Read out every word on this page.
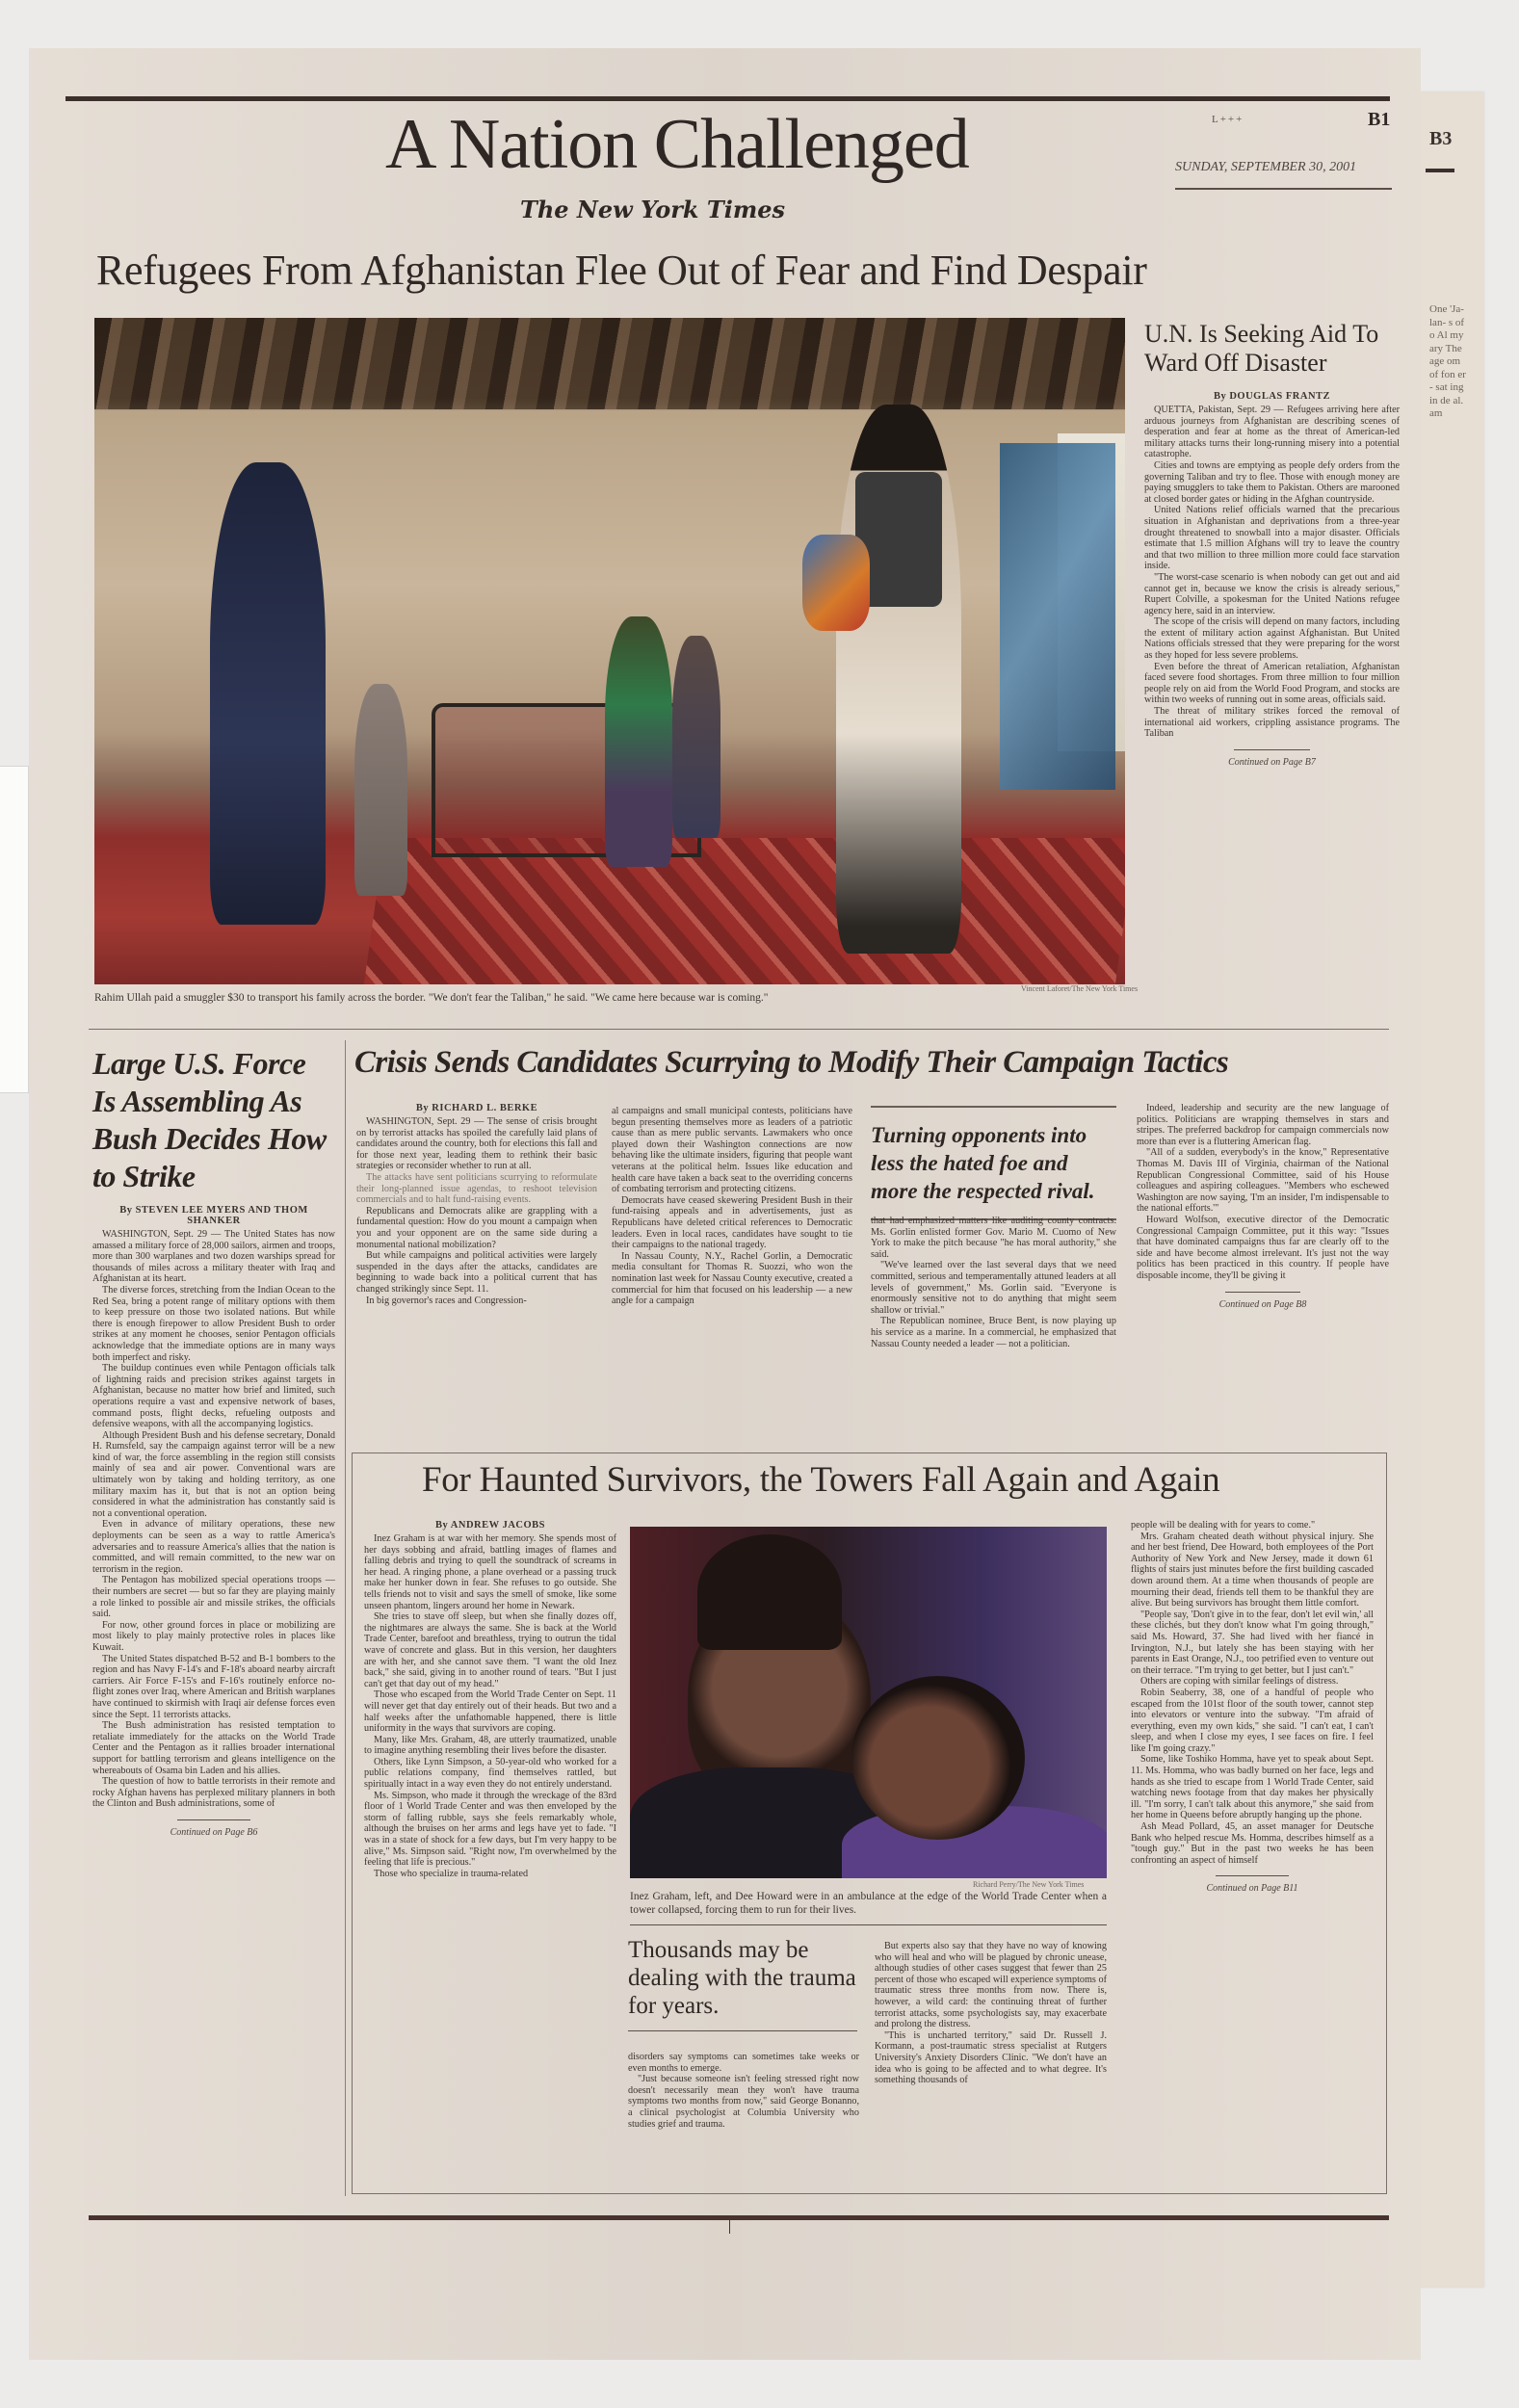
B3
One 'Ja- lan- s of o Al my ary The age om of fon er- sat ing in de al. am
A Nation Challenged
The New York Times
L+++	B1
SUNDAY, SEPTEMBER 30, 2001
Refugees From Afghanistan Flee Out of Fear and Find Despair
Vincent Laforet/The New York Times
Rahim Ullah paid a smuggler $30 to transport his family across the border. "We don't fear the Taliban," he said. "We came here because war is coming."
U.N. Is Seeking Aid To Ward Off Disaster
By DOUGLAS FRANTZ

QUETTA, Pakistan, Sept. 29 — Refugees arriving here after arduous journeys from Afghanistan are describing scenes of desperation and fear at home as the threat of American-led military attacks turns their long-running misery into a potential catastrophe.

Cities and towns are emptying as people defy orders from the governing Taliban and try to flee. Those with enough money are paying smugglers to take them to Pakistan. Others are marooned at closed border gates or hiding in the Afghan countryside.

United Nations relief officials warned that the precarious situation in Afghanistan and deprivations from a three-year drought threatened to snowball into a major disaster. Officials estimate that 1.5 million Afghans will try to leave the country and that two million to three million more could face starvation inside.

"The worst-case scenario is when nobody can get out and aid cannot get in, because we know the crisis is already serious," Rupert Colville, a spokesman for the United Nations refugee agency here, said in an interview.

The scope of the crisis will depend on many factors, including the extent of military action against Afghanistan. But United Nations officials stressed that they were preparing for the worst as they hoped for less severe problems.

Even before the threat of American retaliation, Afghanistan faced severe food shortages. From three million to four million people rely on aid from the World Food Program, and stocks are within two weeks of running out in some areas, officials said.

The threat of military strikes forced the removal of international aid workers, crippling assistance programs. The Taliban

Continued on Page B7
Large U.S. Force Is Assembling As Bush Decides How to Strike
By STEVEN LEE MYERS AND THOM SHANKER

WASHINGTON, Sept. 29 — The United States has now amassed a military force of 28,000 sailors, airmen and troops, more than 300 warplanes and two dozen warships spread for thousands of miles across a military theater with Iraq and Afghanistan at its heart.

The diverse forces, stretching from the Indian Ocean to the Red Sea, bring a potent range of military options with them to keep pressure on those two isolated nations. But while there is enough firepower to allow President Bush to order strikes at any moment he chooses, senior Pentagon officials acknowledge that the immediate options are in many ways both imperfect and risky.

The buildup continues even while Pentagon officials talk of lightning raids and precision strikes against targets in Afghanistan, because no matter how brief and limited, such operations require a vast and expensive network of bases, command posts, flight decks, refueling outposts and defensive weapons, with all the accompanying logistics.

Although President Bush and his defense secretary, Donald H. Rumsfeld, say the campaign against terror will be a new kind of war, the force assembling in the region still consists mainly of sea and air power. Conventional wars are ultimately won by taking and holding territory, as one military maxim has it, but that is not an option being considered in what the administration has constantly said is not a conventional operation.

Even in advance of military operations, these new deployments can be seen as a way to rattle America's adversaries and to reassure America's allies that the nation is committed, and will remain committed, to the new war on terrorism in the region.

The Pentagon has mobilized special operations troops — their numbers are secret — but so far they are playing mainly a role linked to possible air and missile strikes, the officials said.

For now, other ground forces in place or mobilizing are most likely to play mainly protective roles in places like Kuwait.

The United States dispatched B-52 and B-1 bombers to the region and has Navy F-14's and F-18's aboard nearby aircraft carriers. Air Force F-15's and F-16's routinely enforce no-flight zones over Iraq, where American and British warplanes have continued to skirmish with Iraqi air defense forces even since the Sept. 11 terrorists attacks.

The Bush administration has resisted temptation to retaliate immediately for the attacks on the World Trade Center and the Pentagon as it rallies broader international support for battling terrorism and gleans intelligence on the whereabouts of Osama bin Laden and his allies.

The question of how to battle terrorists in their remote and rocky Afghan havens has perplexed military planners in both the Clinton and Bush administrations, some of

Continued on Page B6
Crisis Sends Candidates Scurrying to Modify Their Campaign Tactics
By RICHARD L. BERKE

WASHINGTON, Sept. 29 — The sense of crisis brought on by terrorist attacks has spoiled the carefully laid plans of candidates around the country, both for elections this fall and for those next year, leading them to rethink their basic strategies or reconsider whether to run at all.

The attacks have sent politicians scurrying to reformulate their long-planned issue agendas, to reshoot television commercials and to halt fund-raising events.

Republicans and Democrats alike are grappling with a fundamental question: How do you mount a campaign when you and your opponent are on the same side during a monumental national mobilization?

But while campaigns and political activities were largely suspended in the days after the attacks, candidates are beginning to wade back into a political current that has changed strikingly since Sept. 11.

In big governor's races and Congression-

al campaigns and small municipal contests, politicians have begun presenting themselves more as leaders of a patriotic cause than as mere public servants. Lawmakers who once played down their Washington connections are now behaving like the ultimate insiders, figuring that people want veterans at the political helm. Issues like education and health care have taken a back seat to the overriding concerns of combating terrorism and protecting citizens.

Democrats have ceased skewering President Bush in their fund-raising appeals and in advertisements, just as Republicans have deleted critical references to Democratic leaders. Even in local races, candidates have sought to tie their campaigns to the national tragedy.

In Nassau County, N.Y., Rachel Gorlin, a Democratic media consultant for Thomas R. Suozzi, who won the nomination last week for Nassau County executive, created a commercial for him that focused on his leadership — a new angle for a campaign

Turning opponents into less the hated foe and more the respected rival.

that had emphasized matters like auditing county contracts. Ms. Gorlin enlisted former Gov. Mario M. Cuomo of New York to make the pitch because "he has moral authority," she said.

"We've learned over the last several days that we need committed, serious and temperamentally attuned leaders at all levels of government," Ms. Gorlin said. "Everyone is enormously sensitive not to do anything that might seem shallow or trivial."

The Republican nominee, Bruce Bent, is now playing up his service as a marine. In a commercial, he emphasized that Nassau County needed a leader — not a politician.

Indeed, leadership and security are the new language of politics. Politicians are wrapping themselves in stars and stripes. The preferred backdrop for campaign commercials now more than ever is a fluttering American flag.

"All of a sudden, everybody's in the know," Representative Thomas M. Davis III of Virginia, chairman of the National Republican Congressional Committee, said of his House colleagues and aspiring colleagues. "Members who eschewed Washington are now saying, 'I'm an insider, I'm indispensable to the national efforts.'"

Howard Wolfson, executive director of the Democratic Congressional Campaign Committee, put it this way: "Issues that have dominated campaigns thus far are clearly off to the side and have become almost irrelevant. It's just not the way politics has been practiced in this country. If people have disposable income, they'll be giving it

Continued on Page B8
For Haunted Survivors, the Towers Fall Again and Again
By ANDREW JACOBS

Inez Graham is at war with her memory. She spends most of her days sobbing and afraid, battling images of flames and falling debris and trying to quell the soundtrack of screams in her head. A ringing phone, a plane overhead or a passing truck make her hunker down in fear. She refuses to go outside. She tells friends not to visit and says the smell of smoke, like some unseen phantom, lingers around her home in Newark.

She tries to stave off sleep, but when she finally dozes off, the nightmares are always the same. She is back at the World Trade Center, barefoot and breathless, trying to outrun the tidal wave of concrete and glass. But in this version, her daughters are with her, and she cannot save them. "I want the old Inez back," she said, giving in to another round of tears. "But I just can't get that day out of my head."

Those who escaped from the World Trade Center on Sept. 11 will never get that day entirely out of their heads. But two and a half weeks after the unfathomable happened, there is little uniformity in the ways that survivors are coping.

Many, like Mrs. Graham, 48, are utterly traumatized, unable to imagine anything resembling their lives before the disaster.

Others, like Lynn Simpson, a 50-year-old who worked for a public relations company, find themselves rattled, but spiritually intact in a way even they do not entirely understand.

Ms. Simpson, who made it through the wreckage of the 83rd floor of 1 World Trade Center and was then enveloped by the storm of falling rubble, says she feels remarkably whole, although the bruises on her arms and legs have yet to fade. "I was in a state of shock for a few days, but I'm very happy to be alive," Ms. Simpson said. "Right now, I'm overwhelmed by the feeling that life is precious."

Those who specialize in trauma-related

Richard Perry/The New York Times
Inez Graham, left, and Dee Howard were in an ambulance at the edge of the World Trade Center when a tower collapsed, forcing them to run for their lives.
Thousands may be dealing with the trauma for years.

disorders say symptoms can sometimes take weeks or even months to emerge.

"Just because someone isn't feeling stressed right now doesn't necessarily mean they won't have trauma symptoms two months from now," said George Bonanno, a clinical psychologist at Columbia University who studies grief and trauma.

But experts also say that they have no way of knowing who will heal and who will be plagued by chronic unease, although studies of other cases suggest that fewer than 25 percent of those who escaped will experience symptoms of traumatic stress three months from now. There is, however, a wild card: the continuing threat of further terrorist attacks, some psychologists say, may exacerbate and prolong the distress.

"This is uncharted territory," said Dr. Russell J. Kormann, a post-traumatic stress specialist at Rutgers University's Anxiety Disorders Clinic. "We don't have an idea who is going to be affected and to what degree. It's something thousands of

people will be dealing with for years to come."

Mrs. Graham cheated death without physical injury. She and her best friend, Dee Howard, both employees of the Port Authority of New York and New Jersey, made it down 61 flights of stairs just minutes before the first building cascaded down around them. At a time when thousands of people are mourning their dead, friends tell them to be thankful they are alive. But being survivors has brought them little comfort.

"People say, 'Don't give in to the fear, don't let evil win,' all these clichés, but they don't know what I'm going through," said Ms. Howard, 37. She had lived with her fiancé in Irvington, N.J., but lately she has been staying with her parents in East Orange, N.J., too petrified even to venture out on their terrace. "I'm trying to get better, but I just can't."

Others are coping with similar feelings of distress.

Robin Seaberry, 38, one of a handful of people who escaped from the 101st floor of the south tower, cannot step into elevators or venture into the subway. "I'm afraid of everything, even my own kids," she said. "I can't eat, I can't sleep, and when I close my eyes, I see faces on fire. I feel like I'm going crazy."

Some, like Toshiko Homma, have yet to speak about Sept. 11. Ms. Homma, who was badly burned on her face, legs and hands as she tried to escape from 1 World Trade Center, said watching news footage from that day makes her physically ill. "I'm sorry, I can't talk about this anymore," she said from her home in Queens before abruptly hanging up the phone.

Ash Mead Pollard, 45, an asset manager for Deutsche Bank who helped rescue Ms. Homma, describes himself as a "tough guy." But in the past two weeks he has been confronting an aspect of himself

Continued on Page B11
